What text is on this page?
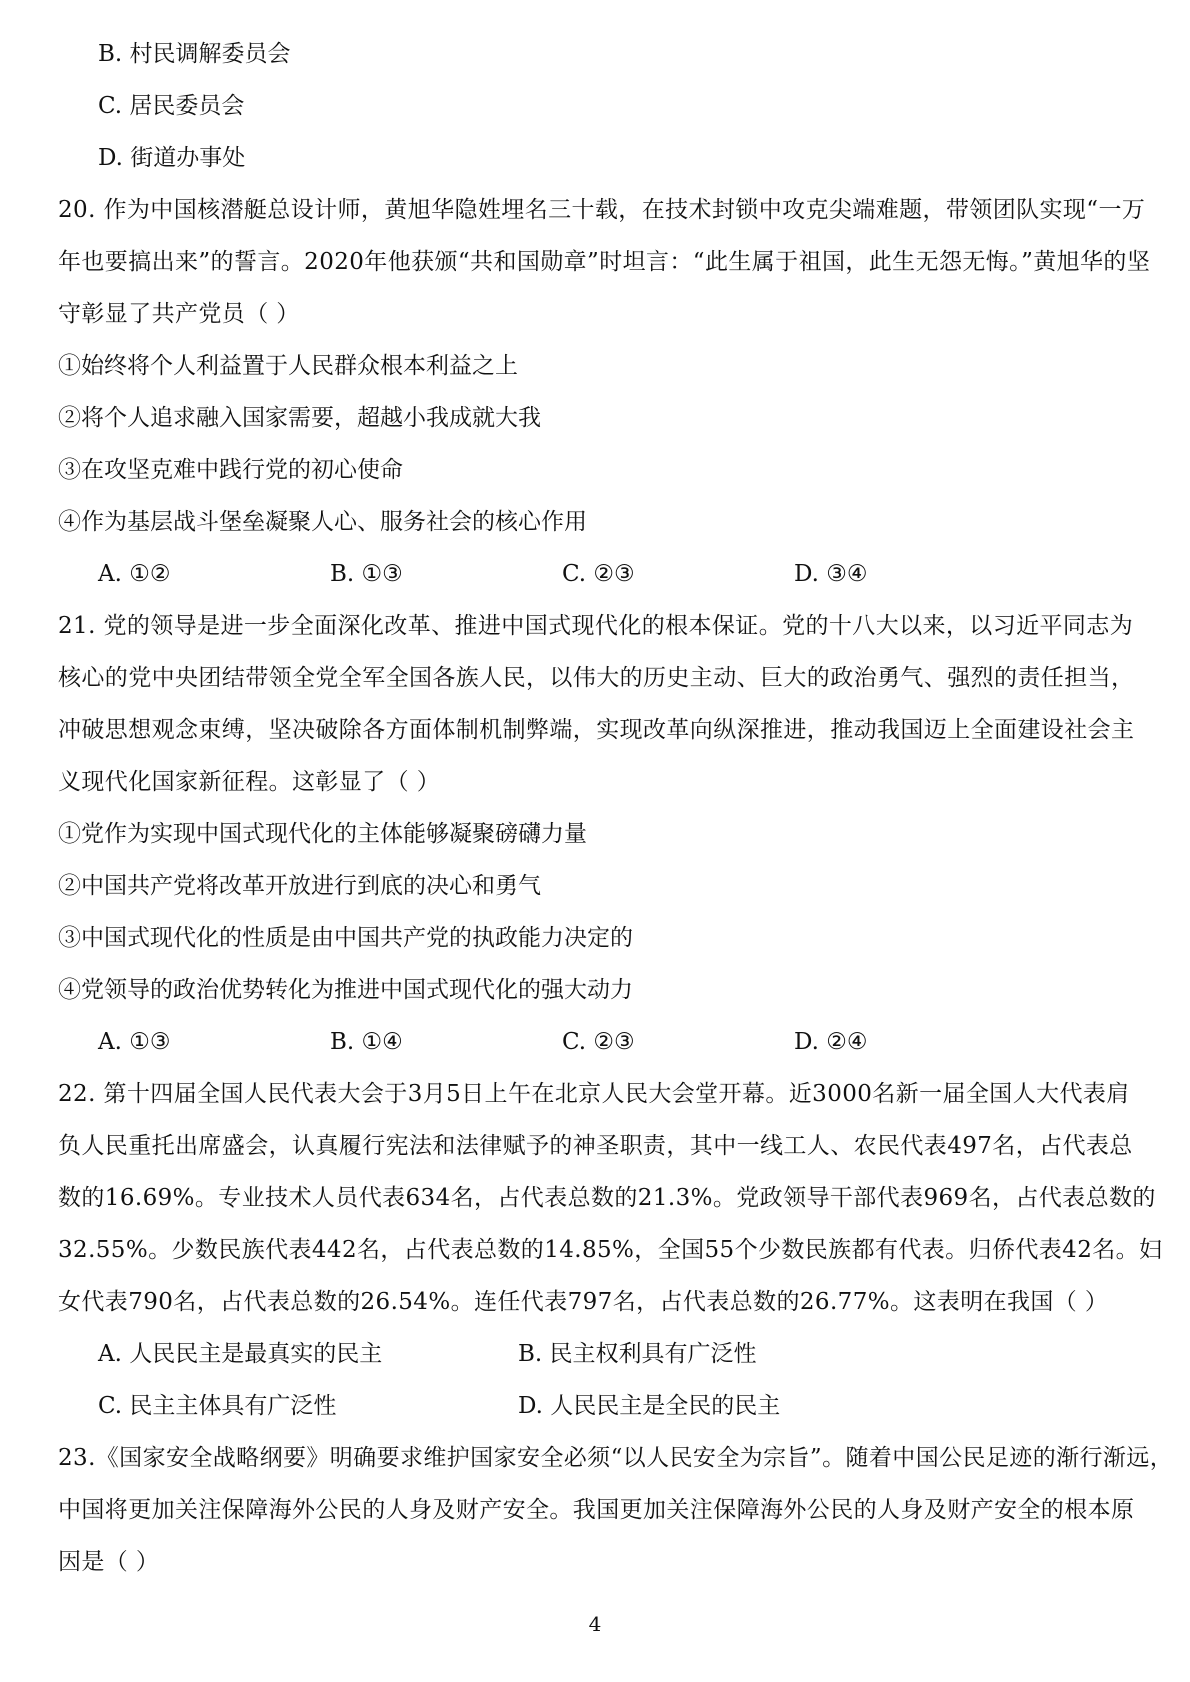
B. 村民调解委员会
C. 居民委员会
D. 街道办事处
20. 作为中国核潜艇总设计师，黄旭华隐姓埋名三十载，在技术封锁中攻克尖端难题，带领团队实现“一万
年也要搞出来”的誓言。2020年他获颁“共和国勋章”时坦言：“此生属于祖国，此生无怨无悔。”黄旭华的坚
守彰显了共产党员（ ）
①始终将个人利益置于人民群众根本利益之上
②将个人追求融入国家需要，超越小我成就大我
③在攻坚克难中践行党的初心使命
④作为基层战斗堡垒凝聚人心、服务社会的核心作用
A. ①②	B. ①③	C. ②③	D. ③④
21. 党的领导是进一步全面深化改革、推进中国式现代化的根本保证。党的十八大以来，以习近平同志为
核心的党中央团结带领全党全军全国各族人民，以伟大的历史主动、巨大的政治勇气、强烈的责任担当，
冲破思想观念束缚，坚决破除各方面体制机制弊端，实现改革向纵深推进，推动我国迈上全面建设社会主
义现代化国家新征程。这彰显了（ ）
①党作为实现中国式现代化的主体能够凝聚磅礴力量
②中国共产党将改革开放进行到底的决心和勇气
③中国式现代化的性质是由中国共产党的执政能力决定的
④党领导的政治优势转化为推进中国式现代化的强大动力
A. ①③	B. ①④	C. ②③	D. ②④
22. 第十四届全国人民代表大会于3月5日上午在北京人民大会堂开幕。近3000名新一届全国人大代表肩
负人民重托出席盛会，认真履行宪法和法律赋予的神圣职责，其中一线工人、农民代表497名，占代表总
数的16.69%。专业技术人员代表634名，占代表总数的21.3%。党政领导干部代表969名，占代表总数的
32.55%。少数民族代表442名，占代表总数的14.85%，全国55个少数民族都有代表。归侨代表42名。妇
女代表790名，占代表总数的26.54%。连任代表797名，占代表总数的26.77%。这表明在我国（ ）
A. 人民民主是最真实的民主	B. 民主权利具有广泛性
C. 民主主体具有广泛性	D. 人民民主是全民的民主
23.《国家安全战略纲要》明确要求维护国家安全必须“以人民安全为宗旨”。随着中国公民足迹的渐行渐远，
中国将更加关注保障海外公民的人身及财产安全。我国更加关注保障海外公民的人身及财产安全的根本原
因是（ ）
4
